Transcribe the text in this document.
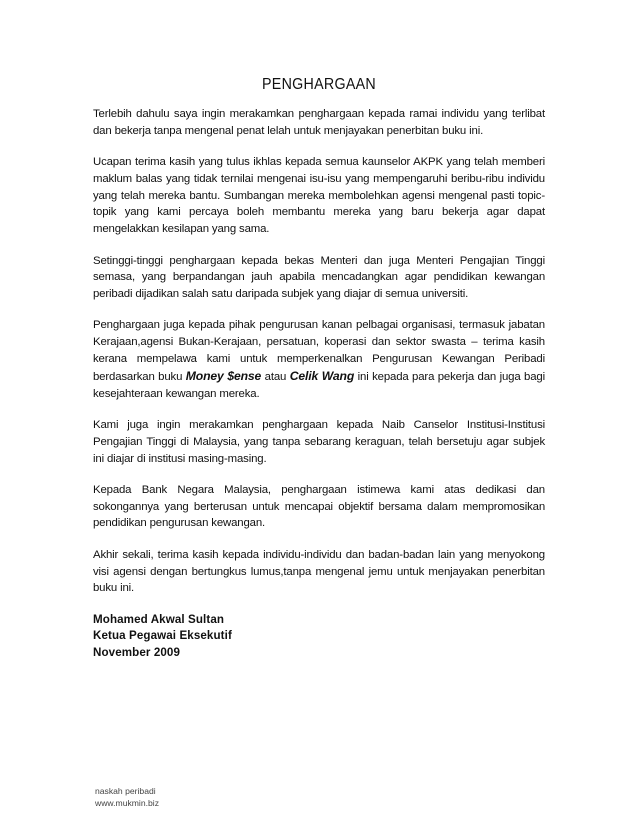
PENGHARGAAN

Terlebih dahulu saya ingin merakamkan penghargaan kepada ramai individu yang terlibat dan bekerja tanpa mengenal penat lelah untuk menjayakan penerbitan buku ini.

Ucapan terima kasih yang tulus ikhlas kepada semua kaunselor AKPK yang telah memberi maklum balas yang tidak ternilai mengenai isu-isu yang mempengaruhi beribu-ribu individu yang telah mereka bantu. Sumbangan mereka membolehkan agensi mengenal pasti topic-topik yang kami percaya boleh membantu mereka yang baru bekerja agar dapat mengelakkan kesilapan yang sama.

Setinggi-tinggi penghargaan kepada bekas Menteri dan juga Menteri Pengajian Tinggi semasa, yang berpandangan jauh apabila mencadangkan agar pendidikan kewangan peribadi dijadikan salah satu daripada subjek yang diajar di semua universiti.

Penghargaan juga kepada pihak pengurusan kanan pelbagai organisasi, termasuk jabatan Kerajaan,agensi Bukan-Kerajaan, persatuan, koperasi dan sektor swasta – terima kasih kerana mempelawa kami untuk memperkenalkan Pengurusan Kewangan Peribadi berdasarkan buku Money $ense atau Celik Wang ini kepada para pekerja dan juga bagi kesejahteraan kewangan mereka.

Kami juga ingin merakamkan penghargaan kepada Naib Canselor Institusi-Institusi Pengajian Tinggi di Malaysia, yang tanpa sebarang keraguan, telah bersetuju agar subjek ini diajar di institusi masing-masing.

Kepada Bank Negara Malaysia, penghargaan istimewa kami atas dedikasi dan sokongannya yang berterusan untuk mencapai objektif bersama dalam mempromosikan pendidikan pengurusan kewangan.

Akhir sekali, terima kasih kepada individu-individu dan badan-badan lain yang menyokong visi agensi dengan bertungkus lumus,tanpa mengenal jemu untuk menjayakan penerbitan buku ini.

Mohamed Akwal Sultan
Ketua Pegawai Eksekutif
November 2009
naskah peribadi
www.mukmin.biz
